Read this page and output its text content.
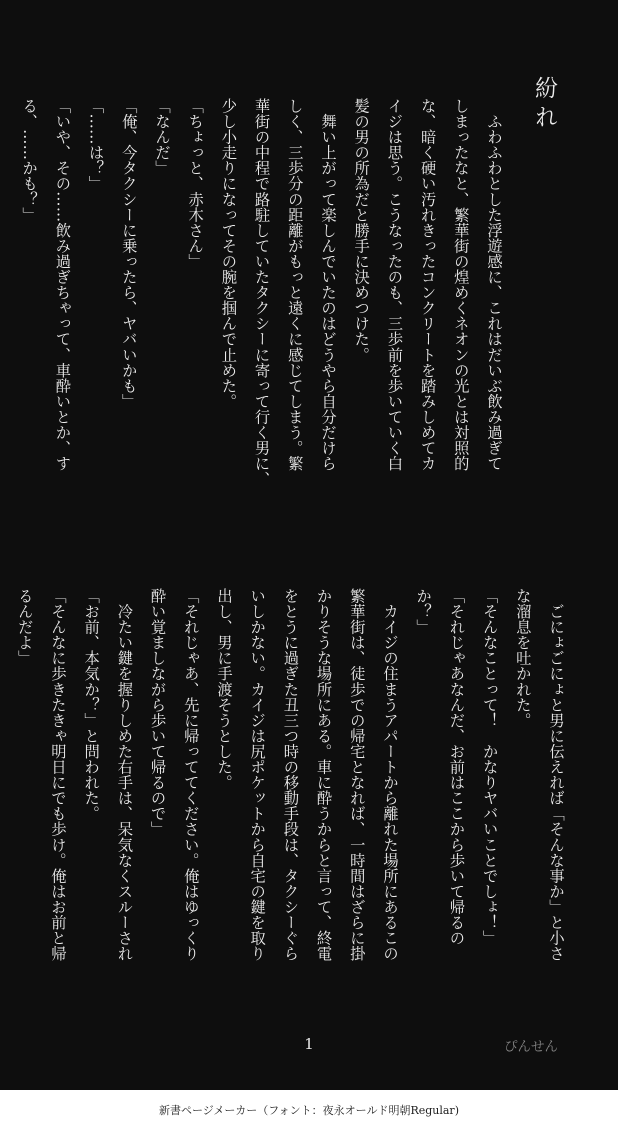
紛れ

　ふわふわとした浮遊感に、これはだいぶ飲み過ぎて

しまったなと、繁華街の煌めくネオンの光とは対照的

な、暗く硬い汚れきったコンクリートを踏みしめてカ

イジは思う。こうなったのも、三歩前を歩いていく白

髪の男の所為だと勝手に決めつけた。

　舞い上がって楽しんでいたのはどうやら自分だけら

しく、三歩分の距離がもっと遠くに感じてしまう。繁

華街の中程で路駐していたタクシーに寄って行く男に、

少し小走りになってその腕を掴んで止めた。

「ちょっと、赤木さん」

「なんだ」

「俺、今タクシーに乗ったら、ヤバいかも」

「……は？」

「いや、その……飲み過ぎちゃって、車酔いとか、す

る、……かも？」

　ごにょごにょと男に伝えれば「そんな事か」と小さ

な溜息を吐かれた。

「そんなことって！　かなりヤバいことでしょ！」

「それじゃあなんだ、お前はここから歩いて帰るの

か？」

　カイジの住まうアパートから離れた場所にあるこの

繁華街は、徒歩での帰宅となれば、一時間はざらに掛

かりそうな場所にある。車に酔うからと言って、終電

をとうに過ぎた丑三つ時の移動手段は、タクシーぐら

いしかない。カイジは尻ポケットから自宅の鍵を取り

出し、男に手渡そうとした。

「それじゃあ、先に帰っててください。俺はゆっくり

酔い覚ましながら歩いて帰るので」

　冷たい鍵を握りしめた右手は、呆気なくスルーされ

「お前、本気か？」と問われた。

「そんなに歩きたきゃ明日にでも歩け。俺はお前と帰

るんだよ」

1	ぴんせん
新書ページメーカー（フォント：夜永オールド明朝Regular)
